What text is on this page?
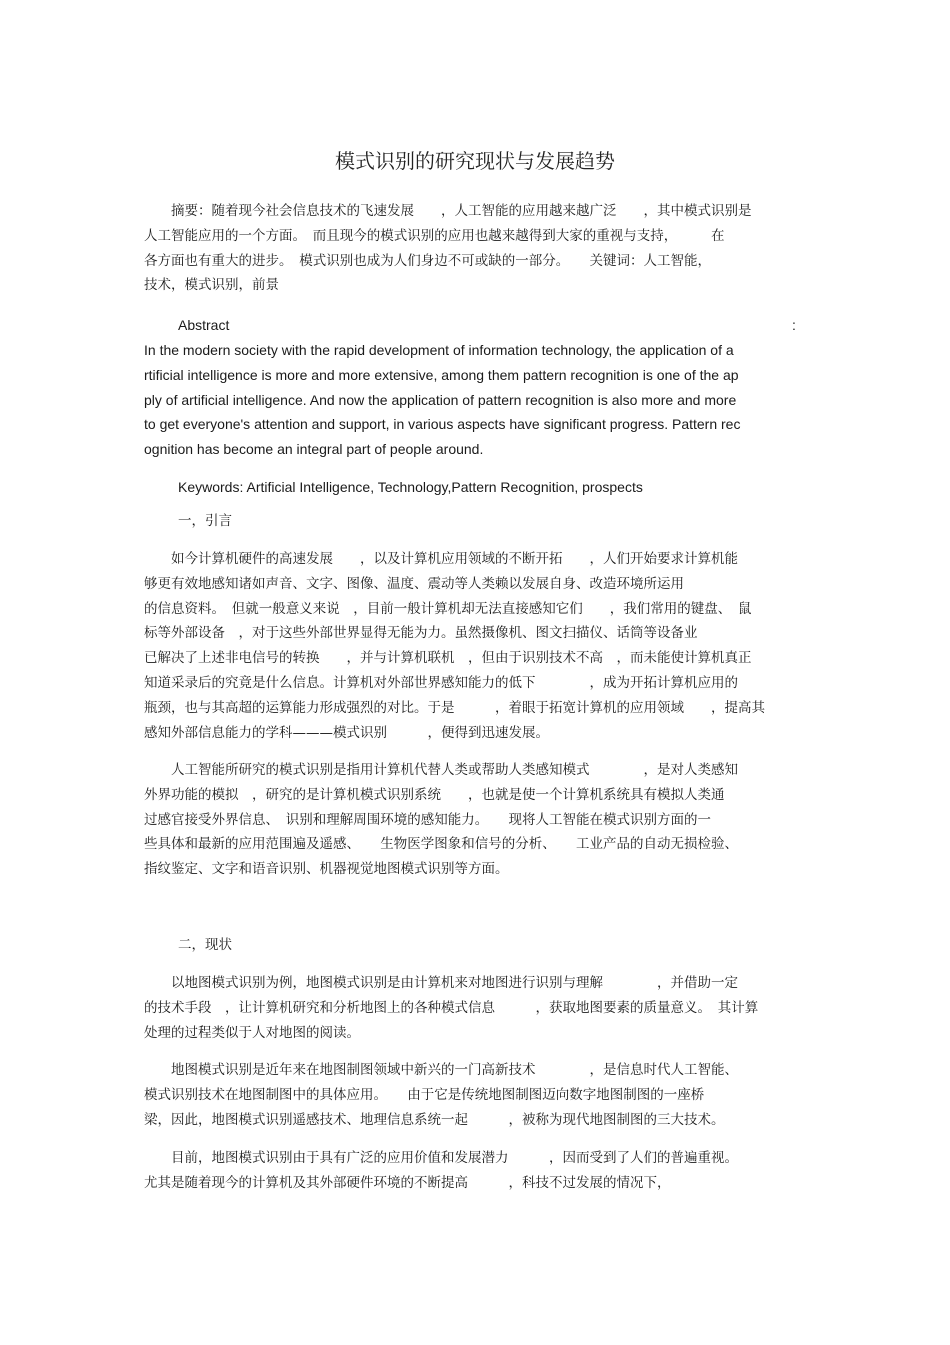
模式识别的研究现状与发展趋势
　　摘要：随着现今社会信息技术的飞速发展　　，人工智能的应用越来越广泛　　，其中模式识别是
人工智能应用的一个方面。　而且现今的模式识别的应用也越来越得到大家的重视与支持，　　　在
各方面也有重大的进步。　模式识别也成为人们身边不可或缺的一部分。　　关键词：人工智能，
技术，模式识别，前景
Abstract	:
In the modern society with the rapid development of information technology, the application of a
rtificial intelligence is more and more extensive, among them pattern recognition is one of the ap
ply of artificial intelligence. And now the application of pattern recognition is also more and more
to get everyone's attention and support, in various aspects have significant progress. Pattern rec
ognition has become an integral part of people around.
Keywords: Artificial Intelligence, Technology,Pattern Recognition, prospects
一，引言
　　如今计算机硬件的高速发展　　，以及计算机应用领域的不断开拓　　，人们开始要求计算机能
够更有效地感知诸如声音、文字、图像、温度、震动等人类赖以发展自身、改造环境所运用
的信息资料。　但就一般意义来说　，目前一般计算机却无法直接感知它们　　，我们常用的键盘、　鼠
标等外部设备　，对于这些外部世界显得无能为力。虽然摄像机、图文扫描仪、话筒等设备业
已解决了上述非电信号的转换　　，并与计算机联机　，但由于识别技术不高　，而未能使计算机真正
知道采录后的究竟是什么信息。计算机对外部世界感知能力的低下　　　　，成为开拓计算机应用的
瓶颈，也与其高超的运算能力形成强烈的对比。于是　　　，着眼于拓宽计算机的应用领域　　，提高其
感知外部信息能力的学科———模式识别　　　，便得到迅速发展。
　　人工智能所研究的模式识别是指用计算机代替人类或帮助人类感知模式　　　　，是对人类感知
外界功能的模拟　，研究的是计算机模式识别系统　　，也就是使一个计算机系统具有模拟人类通
过感官接受外界信息、　识别和理解周围环境的感知能力。　　现将人工智能在模式识别方面的一
些具体和最新的应用范围遍及遥感、　　生物医学图象和信号的分析、　　工业产品的自动无损检验、
指纹鉴定、文字和语音识别、机器视觉地图模式识别等方面。
二，现状
　　以地图模式识别为例，地图模式识别是由计算机来对地图进行识别与理解　　　　，并借助一定
的技术手段　，让计算机研究和分析地图上的各种模式信息　　　，获取地图要素的质量意义。　其计算
处理的过程类似于人对地图的阅读。
　　地图模式识别是近年来在地图制图领域中新兴的一门高新技术　　　　，是信息时代人工智能、
模式识别技术在地图制图中的具体应用。　　由于它是传统地图制图迈向数字地图制图的一座桥
梁，因此，地图模式识别遥感技术、地理信息系统一起　　　，被称为现代地图制图的三大技术。
　　目前，地图模式识别由于具有广泛的应用价值和发展潜力　　　，因而受到了人们的普遍重视。
尤其是随着现今的计算机及其外部硬件环境的不断提高　　　，科技不过发展的情况下，
